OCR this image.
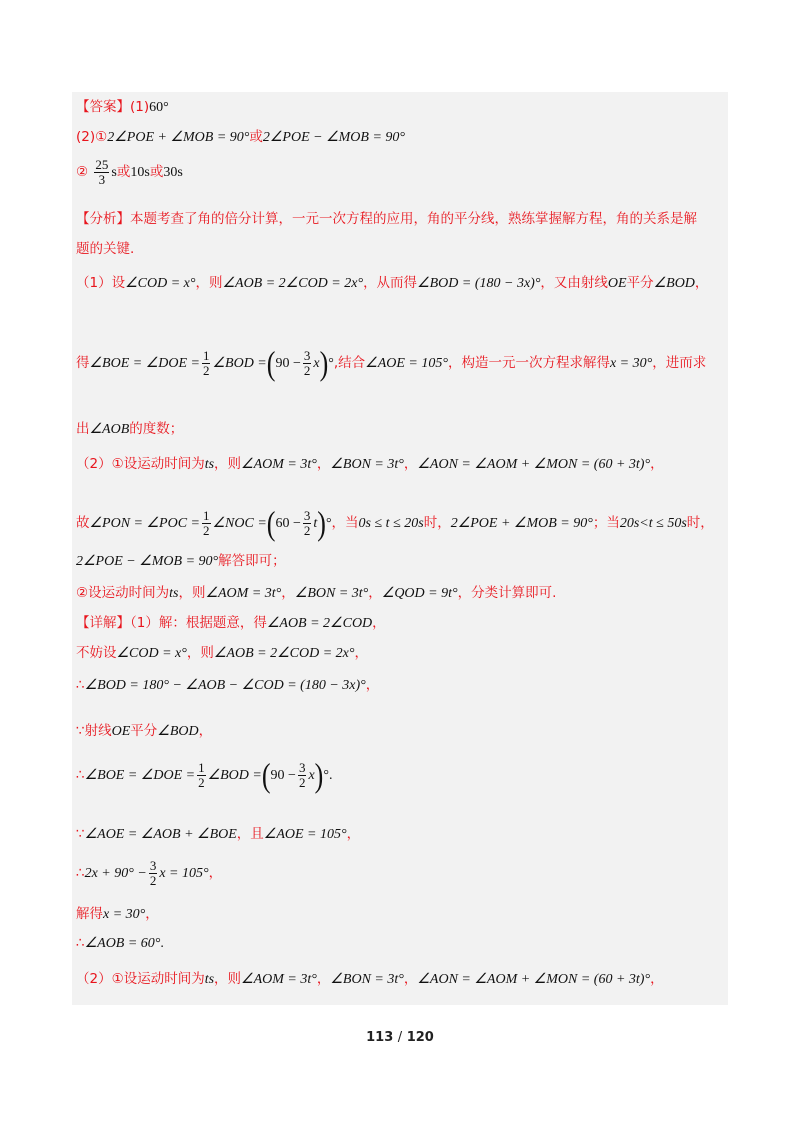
【答案】(1)60°
(2)①2∠POE + ∠MOB = 90°或2∠POE − ∠MOB = 90°
② $\frac{25}{3}$ s或10s或30s
【分析】本题考查了角的倍分计算，一元一次方程的应用，角的平分线，熟练掌握解方程，角的关系是解
题的关键.
（1）设∠COD = x°，则∠AOB = 2∠COD = 2x°，从而得∠BOD = (180 − 3x)°，又由射线OE平分∠BOD，
得∠BOE = ∠DOE = $\frac{1}{2}$ ∠BOD $=(90 - \frac{3}{2} x)^\circ$,结合∠AOE = 105°，构造一元一次方程求解得x = 30°，进而求
出∠AOB的度数；
（2）①设运动时间为ts，则∠AOM = 3t°，∠BON = 3t°，∠AON = ∠AOM + ∠MON = (60 + 3t)°，
故∠PON = ∠POC = $\frac{1}{2}$ ∠NOC $=(60 - \frac{3}{2} t)^\circ$，当0s ≤ t ≤ 20s时，2∠POE + ∠MOB = 90°；当20s<t ≤ 50s时，
2∠POE − ∠MOB = 90°解答即可；
②设运动时间为ts，则∠AOM = 3t°，∠BON = 3t°，∠QOD = 9t°，分类计算即可.
【详解】（1）解：根据题意，得∠AOB = 2∠COD，
不妨设∠COD = x°，则∠AOB = 2∠COD = 2x°，
∴∠BOD = 180° − ∠AOB − ∠COD = (180 − 3x)°，
∵射线OE平分∠BOD，
∴∠BOE = ∠DOE = $\frac{1}{2}$ ∠BOD $=(90 - \frac{3}{2} x)^\circ$.
∵∠AOE = ∠AOB + ∠BOE，且∠AOE = 105°，
∴2x + $90^\circ - \frac{3}{2}$ x = 105°，
解得x = 30°，
∴∠AOB = 60°.
（2）①设运动时间为ts，则∠AOM = 3t°，∠BON = 3t°，∠AON = ∠AOM + ∠MON = (60 + 3t)°，
113 / 120
